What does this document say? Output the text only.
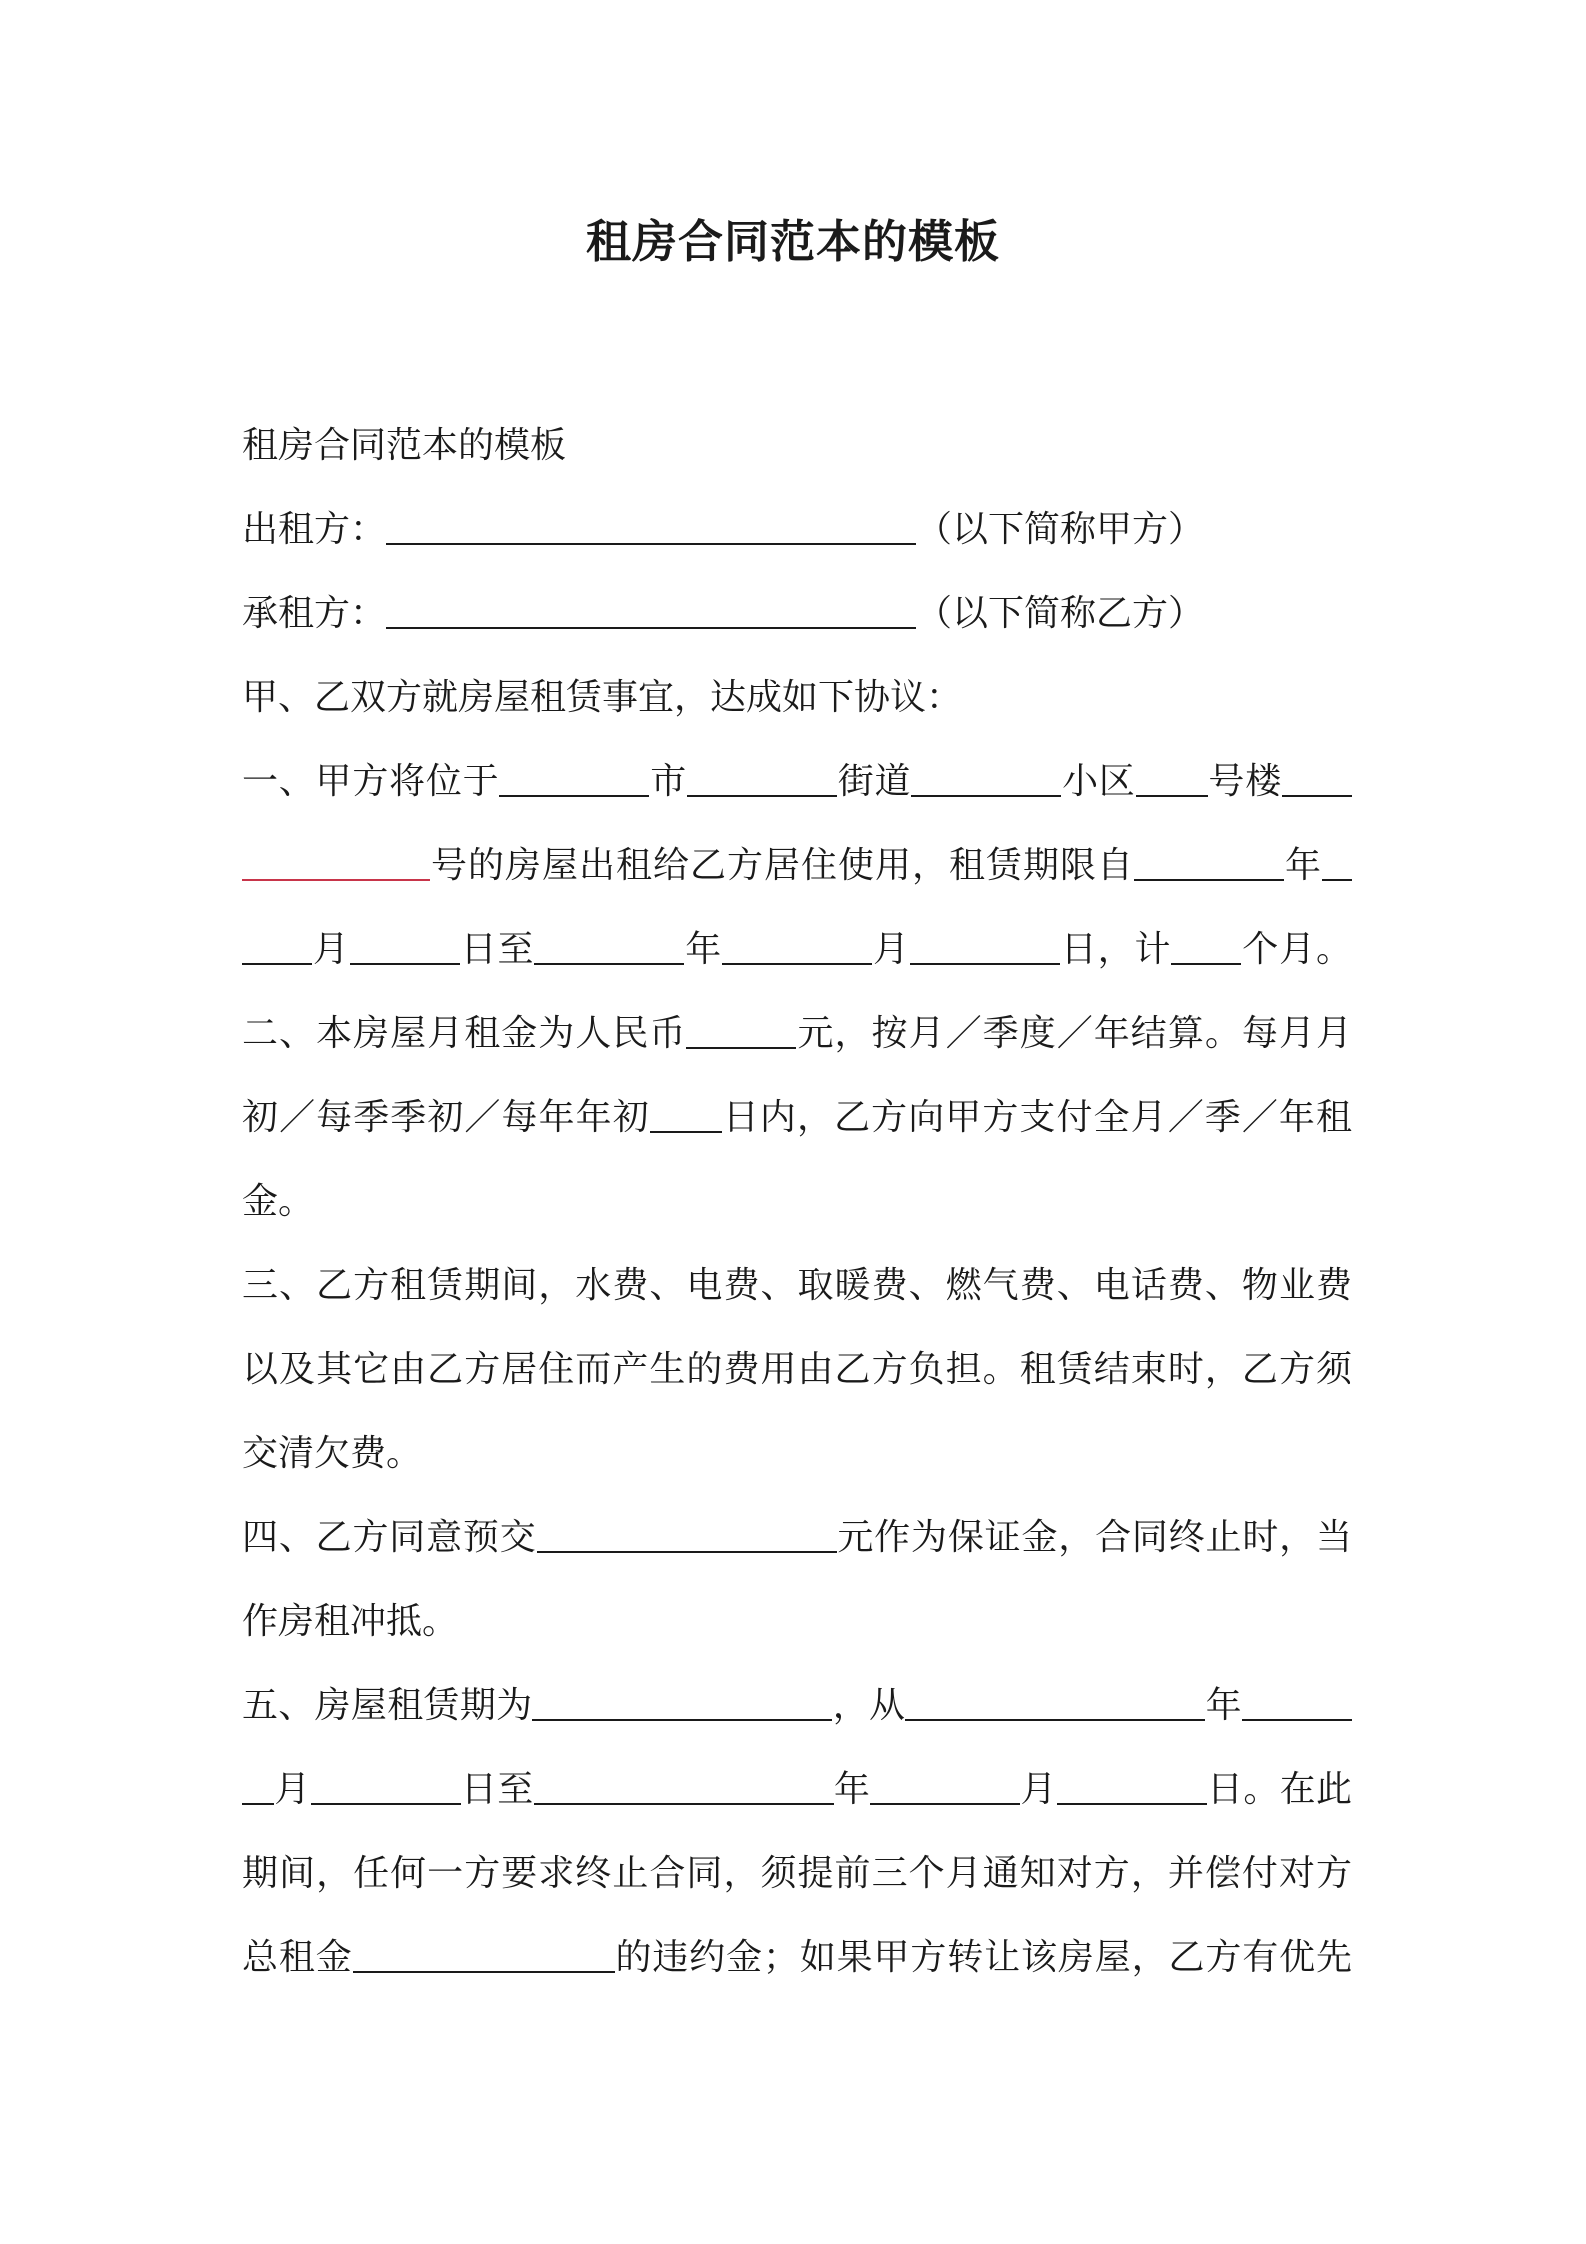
租房合同范本的模板
租房合同范本的模板
出租方：	（以下简称甲方）
承租方：	（以下简称乙方）
甲、乙双方就房屋租赁事宜，达成如下协议：
一、甲方将位于	市	街道	小区 号楼
号的房屋出租给乙方居住使用，租赁期限自	年
月	日至	年	月	日，计 个月。
二、本房屋月租金为人民币	元，按月／季度／年结算。每月月
初／每季季初／每年年初 日内，乙方向甲方支付全月／季／年租
金。
三、乙方租赁期间，水费、电费、取暖费、燃气费、电话费、物业费
以及其它由乙方居住而产生的费用由乙方负担。租赁结束时，乙方须
交清欠费。
四、乙方同意预交	元作为保证金，合同终止时，当
作房租冲抵。
五、房屋租赁期为	，从	年
月	日至	年	月	日。在此
期间，任何一方要求终止合同，须提前三个月通知对方，并偿付对方
总租金	的违约金；如果甲方转让该房屋，乙方有优先
